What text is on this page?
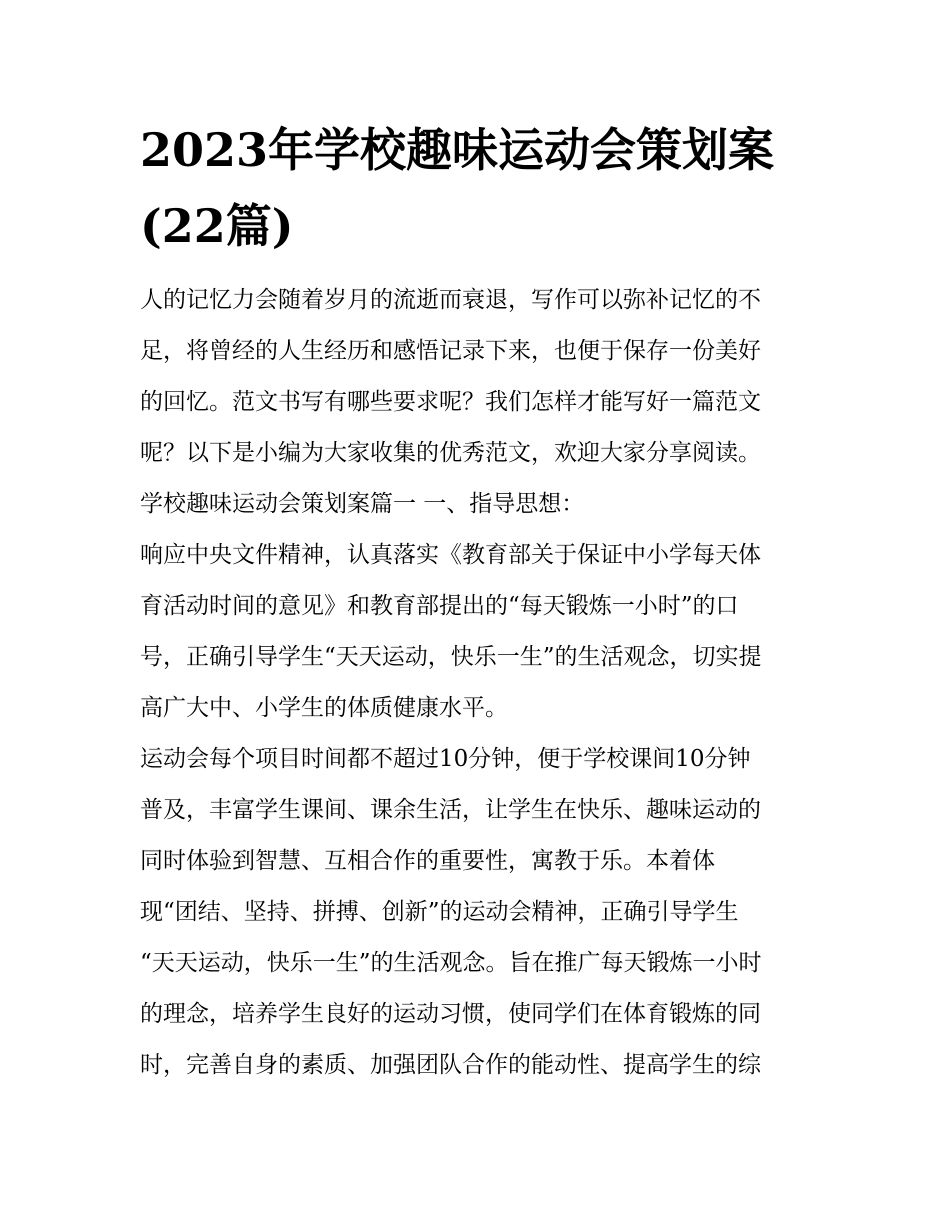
2023年学校趣味运动会策划案
(22篇)
人的记忆力会随着岁月的流逝而衰退，写作可以弥补记忆的不
足，将曾经的人生经历和感悟记录下来，也便于保存一份美好
的回忆。范文书写有哪些要求呢？我们怎样才能写好一篇范文
呢？以下是小编为大家收集的优秀范文，欢迎大家分享阅读。
学校趣味运动会策划案篇一 一、指导思想：
响应中央文件精神，认真落实《教育部关于保证中小学每天体
育活动时间的意见》和教育部提出的“每天锻炼一小时”的口
号，正确引导学生“天天运动，快乐一生”的生活观念，切实提
高广大中、小学生的体质健康水平。
运动会每个项目时间都不超过10分钟，便于学校课间10分钟
普及，丰富学生课间、课余生活，让学生在快乐、趣味运动的
同时体验到智慧、互相合作的重要性，寓教于乐。本着体
现“团结、坚持、拼搏、创新”的运动会精神，正确引导学生
“天天运动，快乐一生”的生活观念。旨在推广每天锻炼一小时
的理念，培养学生良好的运动习惯，使同学们在体育锻炼的同
时，完善自身的素质、加强团队合作的能动性、提高学生的综
